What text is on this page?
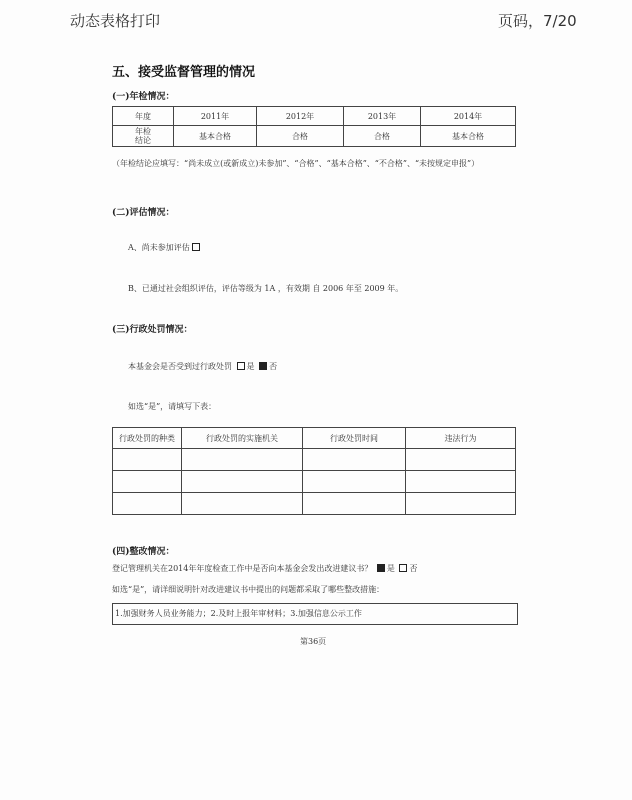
动态表格打印	页码，7/20
五、接受监督管理的情况
(一)年检情况：
年度	2011年	2012年	2013年	2014年
年检
结论	基本合格	合格	合格	基本合格
（年检结论应填写：“尚未成立(或新成立)未参加”、“合格”、“基本合格”、“不合格”、“未按规定申报”）
(二)评估情况：
A、尚未参加评估
B、已通过社会组织评估，评估等级为 1A ，有效期 自 2006 年至 2009 年。
(三)行政处罚情况：
本基金会是否受到过行政处罚 是 否
如选“是”，请填写下表：
行政处罚的种类	行政处罚的实施机关	行政处罚时间	违法行为

(四)整改情况：
登记管理机关在2014年年度检查工作中是否向本基金会发出改进建议书？ 是 否
如选“是”，请详细说明针对改进建议书中提出的问题都采取了哪些整改措施：
1.加强财务人员业务能力；2.及时上报年审材料；3.加强信息公示工作
第36页
